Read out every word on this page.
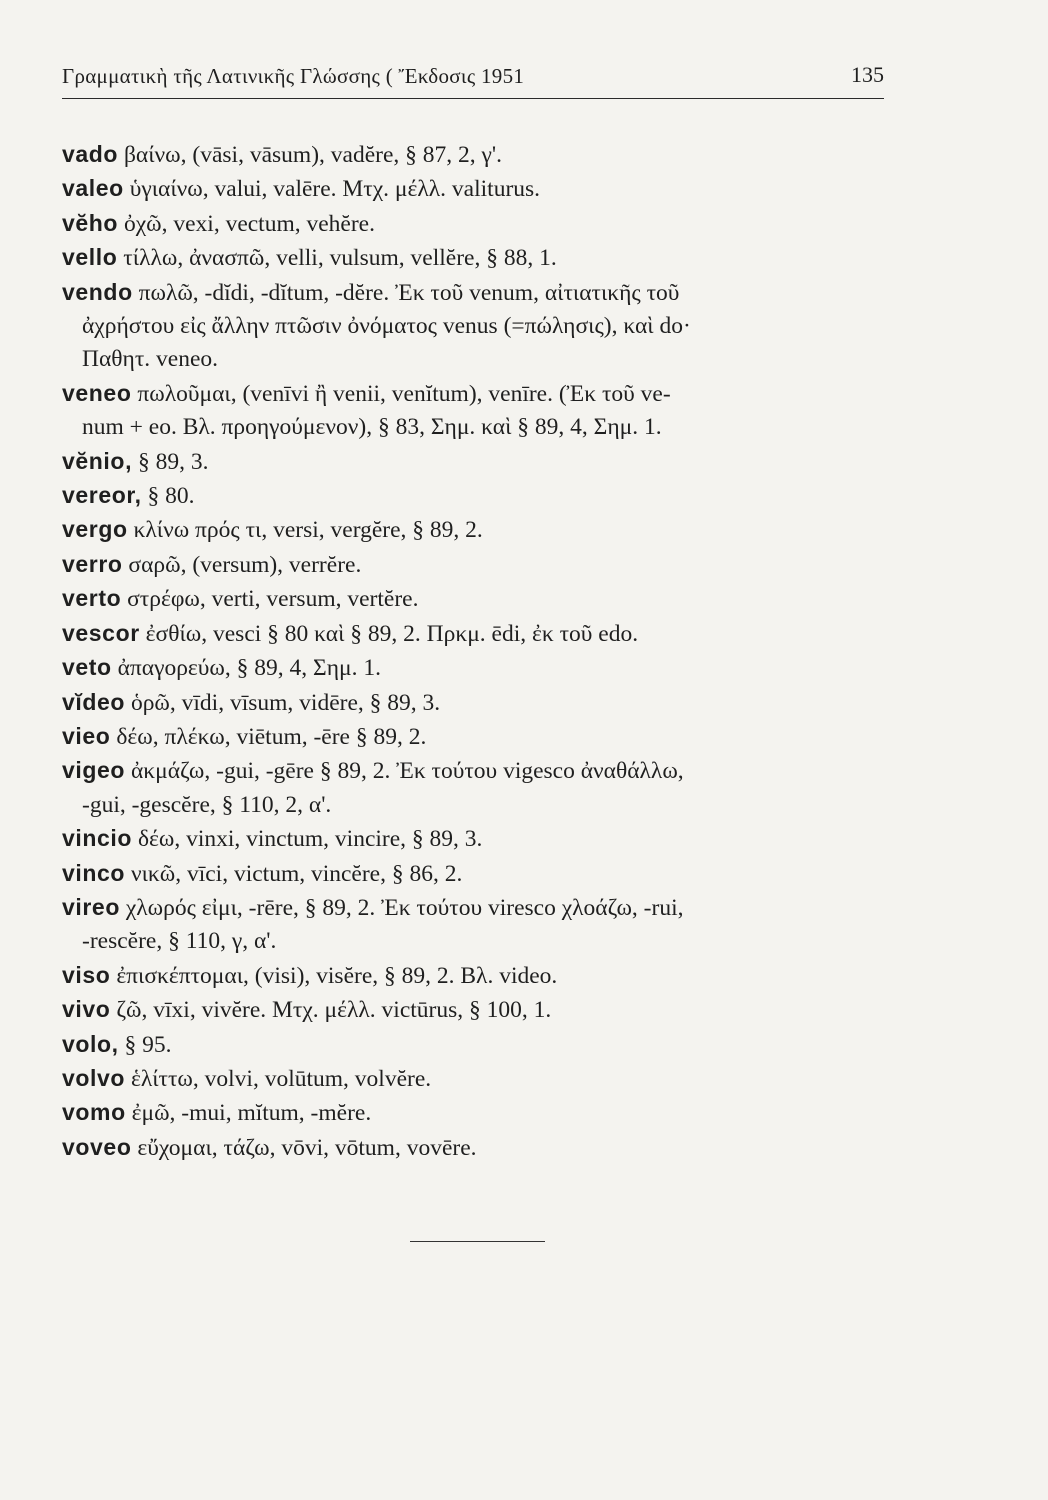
Γραμματικὴ τῆς Λατινικῆς Γλώσσης ( Ἔκδοσις 1951	135
vado βαίνω, (vāsi, vāsum), vadĕre, § 87, 2, γ'.
valeo ὑγιαίνω, valui, valēre. Μτχ. μέλλ. valiturus.
vĕho ὀχῶ, vexi, vectum, vehĕre.
vello τίλλω, ἀνασπῶ, velli, vulsum, vellĕre, § 88, 1.
vendo πωλῶ, -dĭdi, -dĭtum, -dĕre. Ἐκ τοῦ venum, αἰτιατικῆς τοῦ
ἀχρήστου εἰς ἄλλην πτῶσιν ὀνόματος venus (=πώλησις), καὶ do·
Παθητ. veneo.
veneo πωλοῦμαι, (venīvi ἢ venii, venĭtum), venīre. (Ἐκ τοῦ ve-
num + eo. Βλ. προηγούμενον), § 83, Σημ. καὶ § 89, 4, Σημ. 1.
vĕnio, § 89, 3.
vereor, § 80.
vergo κλίνω πρός τι, versi, vergĕre, § 89, 2.
verro σαρῶ, (versum), verrĕre.
verto στρέφω, verti, versum, vertĕre.
vescor ἐσθίω, vesci § 80 καὶ § 89, 2. Πρκμ. ēdi, ἐκ τοῦ edo.
veto ἀπαγορεύω, § 89, 4, Σημ. 1.
vĭdeo ὁρῶ, vīdi, vīsum, vidēre, § 89, 3.
vieo δέω, πλέκω, viētum, -ēre § 89, 2.
vigeo ἀκμάζω, -gui, -gēre § 89, 2. Ἐκ τούτου vigesco ἀναθάλλω,
-gui, -gescĕre, § 110, 2, α'.
vincio δέω, vinxi, vinctum, vincire, § 89, 3.
vinco νικῶ, vīci, victum, vincĕre, § 86, 2.
vireo χλωρός εἰμι, -rēre, § 89, 2. Ἐκ τούτου viresco χλοάζω, -rui,
-rescĕre, § 110, γ, α'.
viso ἐπισκέπτομαι, (visi), visĕre, § 89, 2. Βλ. video.
vivo ζῶ, vīxi, vivĕre. Μτχ. μέλλ. victūrus, § 100, 1.
volo, § 95.
volvo ἑλίττω, volvi, volūtum, volvĕre.
vomo ἐμῶ, -mui, mĭtum, -mĕre.
voveo εὔχομαι, τάζω, vōvi, vōtum, vovēre.
